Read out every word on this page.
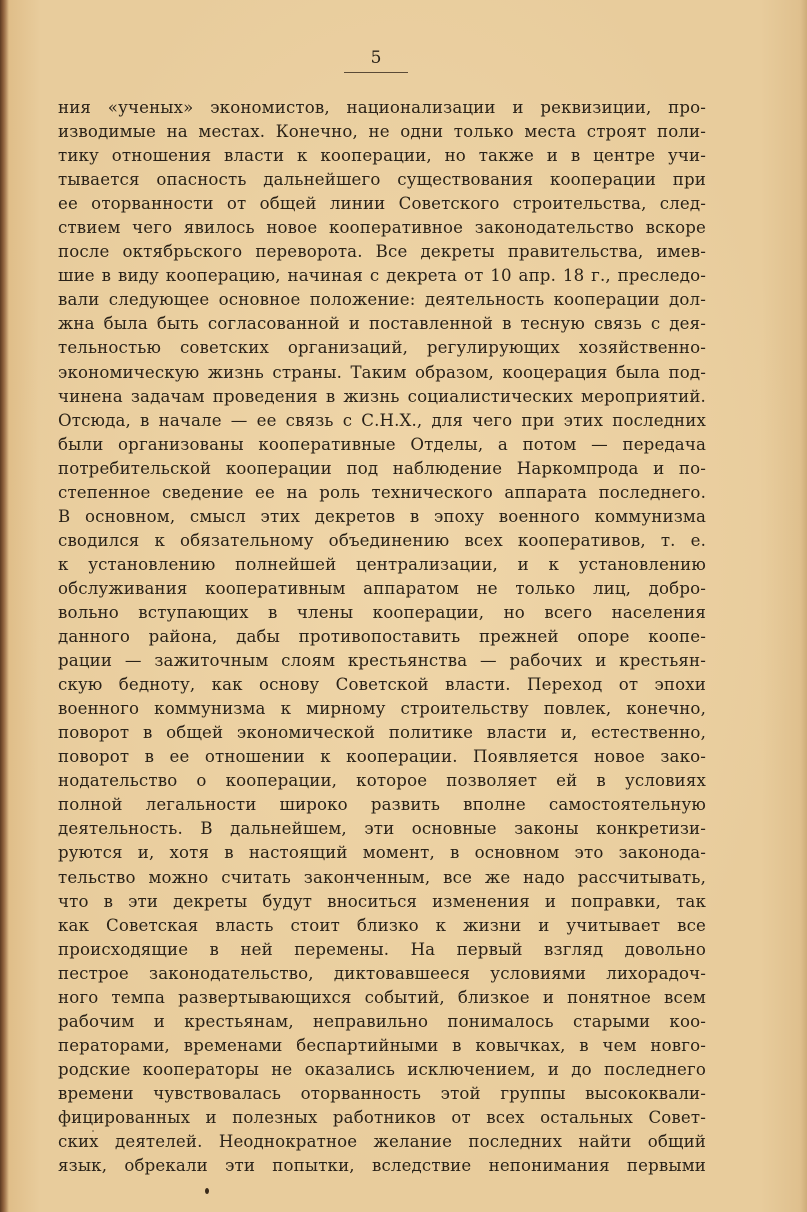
5
ния «ученых» экономистов, национализации и реквизиции, про-
изводимые на местах. Конечно, не одни только места строят поли-
тику отношения власти к кооперации, но также и в центре учи-
тывается опасность дальнейшего существования кооперации при
ее оторванности от общей линии Советского строительства, след-
ствием чего явилось новое кооперативное законодательство вскоре
после октябрьского переворота. Все декреты правительства, имев-
шие в виду кооперацию, начиная с декрета от 10 апр. 18 г., преследо-
вали следующее основное положение: деятельность кооперации дол-
жна была быть согласованной и поставленной в тесную связь с дея-
тельностью советских организаций, регулирующих хозяйственно-
экономическую жизнь страны. Таким образом, кооцерация была под-
чинена задачам проведения в жизнь социалистических мероприятий.
Отсюда, в начале — ее связь с С.Н.Х., для чего при этих последних
были организованы кооперативные Отделы, а потом — передача
потребительской кооперации под наблюдение Наркомпрода и по-
степенное сведение ее на роль технического аппарата последнего.
В основном, смысл этих декретов в эпоху военного коммунизма
сводился к обязательному объединению всех кооперативов, т. е.
к установлению полнейшей централизации, и к установлению
обслуживания кооперативным аппаратом не только лиц, добро-
вольно вступающих в члены кооперации, но всего населения
данного района, дабы противопоставить прежней опоре коопе-
рации — зажиточным слоям крестьянства — рабочих и крестьян-
скую бедноту, как основу Советской власти. Переход от эпохи
военного коммунизма к мирному строительству повлек, конечно,
поворот в общей экономической политике власти и, естественно,
поворот в ее отношении к кооперации. Появляется новое зако-
нодательство о кооперации, которое позволяет ей в условиях
полной легальности широко развить вполне самостоятельную
деятельность. В дальнейшем, эти основные законы конкретизи-
руются и, хотя в настоящий момент, в основном это законода-
тельство можно считать законченным, все же надо рассчитывать,
что в эти декреты будут вноситься изменения и поправки, так
как Советская власть стоит близко к жизни и учитывает все
происходящие в ней перемены. На первый взгляд довольно
пестрое законодательство, диктовавшееся условиями лихорадоч-
ного темпа развертывающихся событий, близкое и понятное всем
рабочим и крестьянам, неправильно понималось старыми коо-
ператорами, временами беспартийными в ковычках, в чем новго-
родские кооператоры не оказались исключением, и до последнего
времени чувствовалась оторванность этой группы высококвали-
фицированных и полезных работников от всех остальных Совет-
ских деятелей. Неоднократное желание последних найти общий
язык, обрекали эти попытки, вследствие непонимания первыми
